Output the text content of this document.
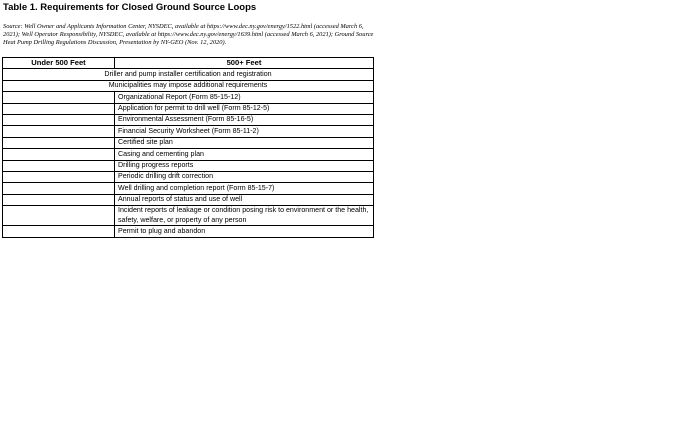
Table 1. Requirements for Closed Ground Source Loops
Source: Well Owner and Applicants Information Center, NYSDEC, available at https://www.dec.ny.gov/energy/1522.html (accessed March 6,
2021); Well Operator Responsibility, NYSDEC, available at https://www.dec.ny.gov/energy/1639.html (accessed March 6, 2021); Ground Source
Heat Pump Drilling Regulations Discussion, Presentation by NY-GEO (Nov. 12, 2020).
Under 500 Feet	500+ Feet
Driller and pump installer certification and registration	
Municipalities may impose additional requirements	
	Organizational Report (Form 85-15-12)
	Application for permit to drill well (Form 85-12-5)
	Environmental Assessment (Form 85-16-5)
	Financial Security Worksheet (Form 85-11-2)
	Certified site plan
	Casing and cementing plan
	Drilling progress reports
	Periodic drilling drift correction
	Well drilling and completion report (Form 85-15-7)
	Annual reports of status and use of well
	Incident reports of leakage or condition posing risk to environment or the health, safety, welfare, or property of any person
	Permit to plug and abandon
